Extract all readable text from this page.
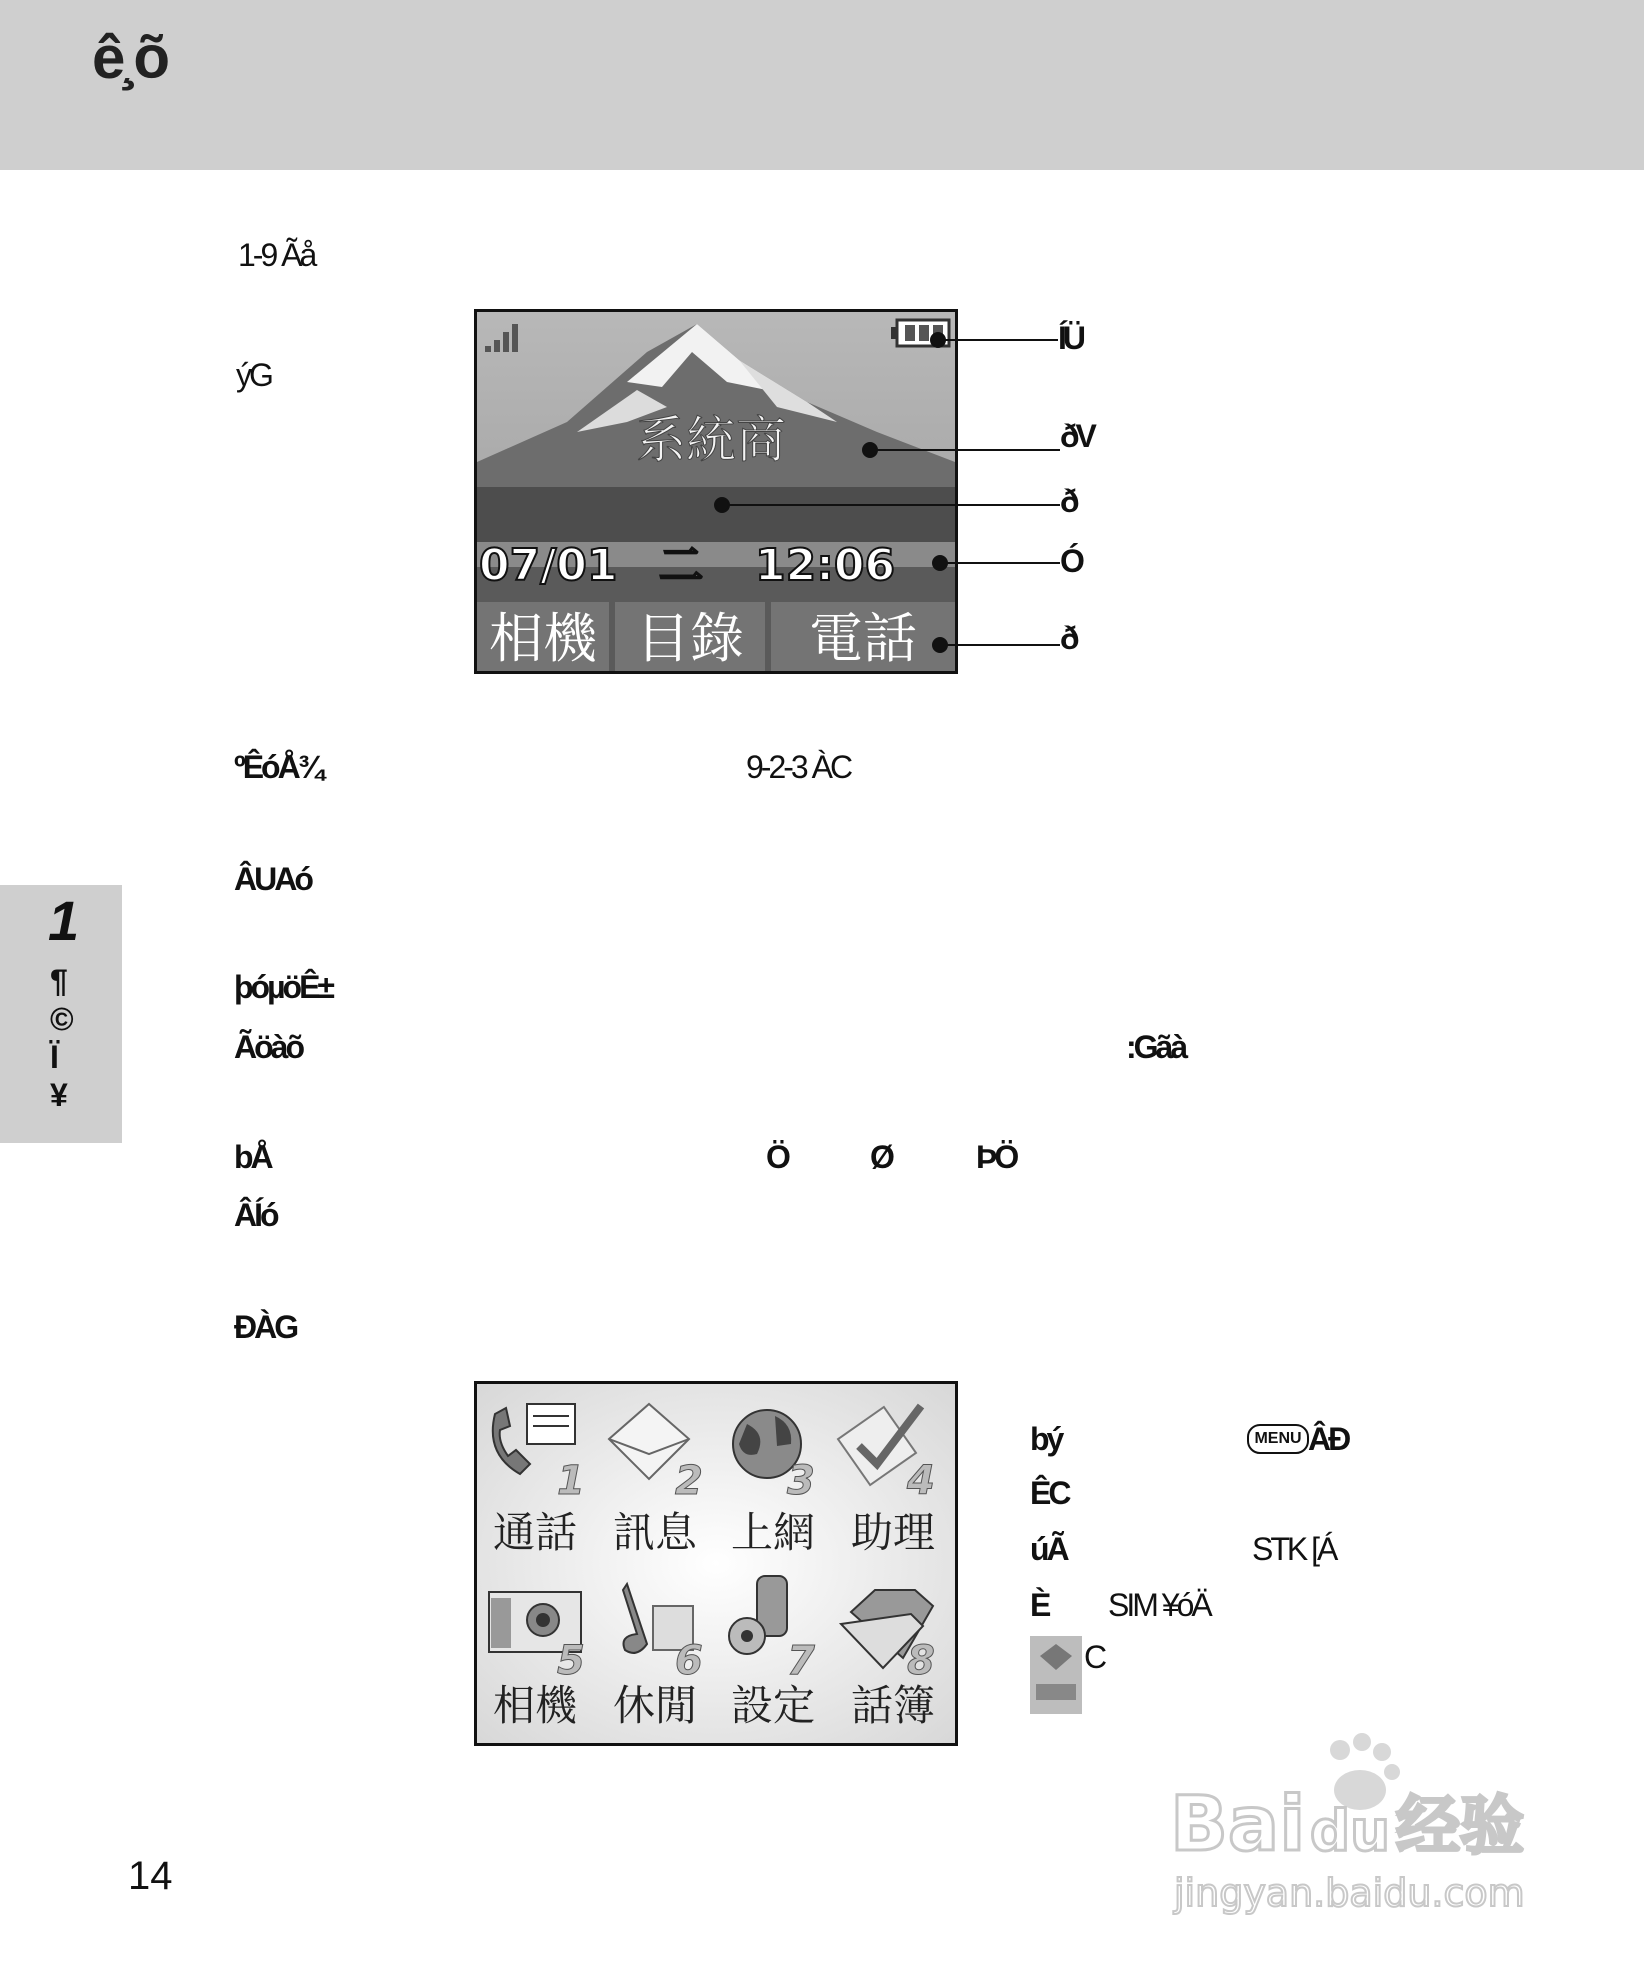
ê¸õ
1
¶©Ï¥
1-9 Ãå
ýG
系統商
07/01 二 12:06
相機 目錄 電話
ÍÜ
ðV
ð
Ó
ð
ºÊóÅ¾	9-2-3 ÀC
ÂUAó
þóµöÊ±
Ãöàõ	:Gãà
bÅ	Ö	Ø	ÞÖ
ÂÍó
ÐÀG
1 2 3 4
通話 訊息 上網 助理
5 6 7 8
相機 休閒 設定 話簿
bý	MENU ÂÐ
ÊC
úÃ	STK [Á
È SIM ¥óÄ
C
14
Bai du 经验
jingyan.baidu.com
